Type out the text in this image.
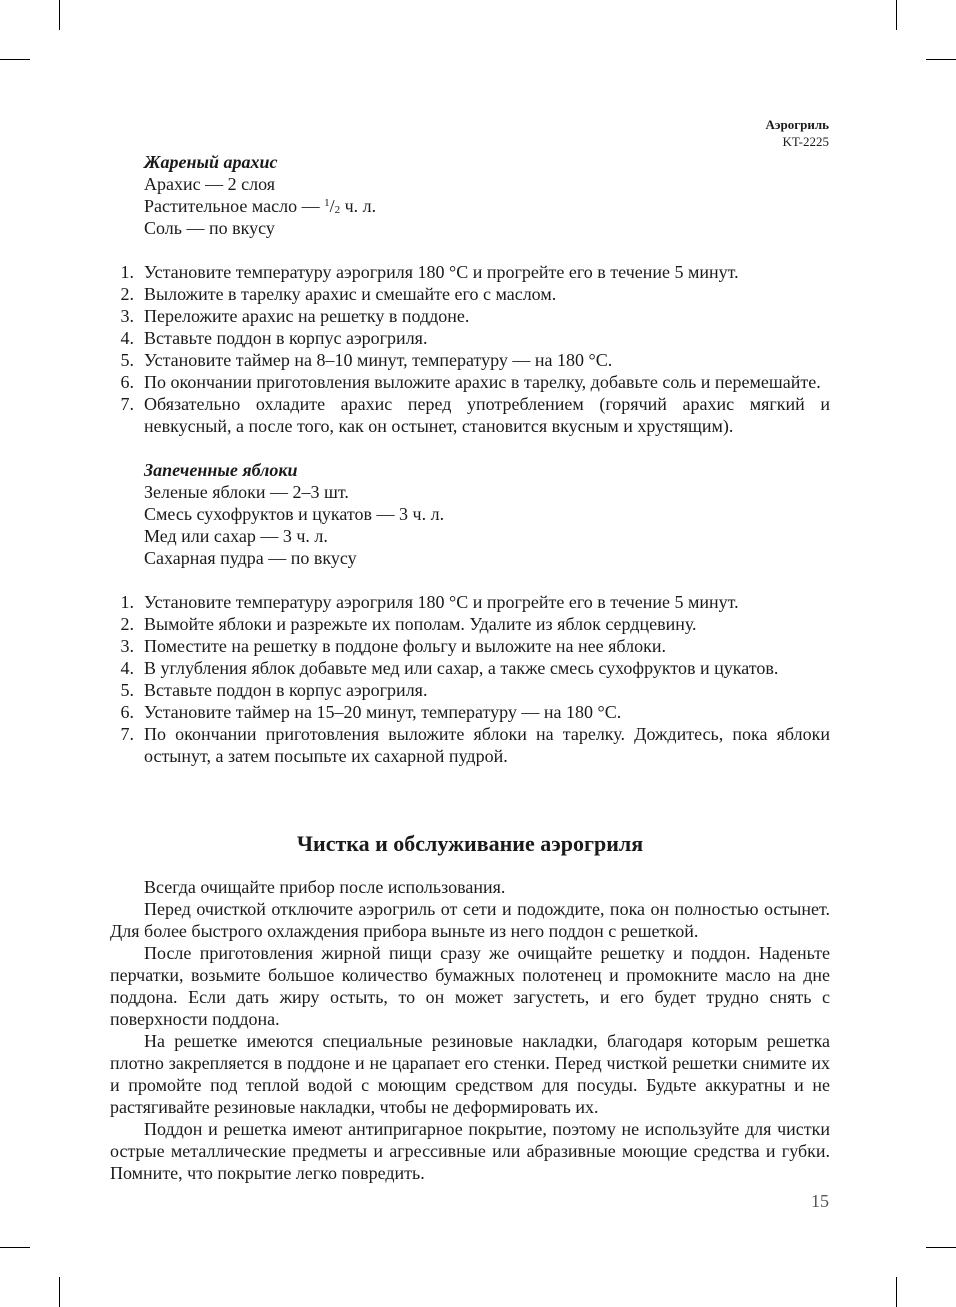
Аэрогриль
KT-2225
Жареный арахис
Арахис — 2 слоя
Растительное масло — $^1/_2$ ч. л.
Соль — по вкусу
1. Установите температуру аэрогриля 180 °С и прогрейте его в течение 5 минут.
2. Выложите в тарелку арахис и смешайте его с маслом.
3. Переложите арахис на решетку в поддоне.
4. Вставьте поддон в корпус аэрогриля.
5. Установите таймер на 8–10 минут, температуру — на 180 °С.
6. По окончании приготовления выложите арахис в тарелку, добавьте соль и перемешайте.
7. Обязательно охладите арахис перед употреблением (горячий арахис мягкий и невкусный, а после того, как он остынет, становится вкусным и хрустящим).
Запеченные яблоки
Зеленые яблоки — 2–3 шт.
Смесь сухофруктов и цукатов — 3 ч. л.
Мед или сахар — 3 ч. л.
Сахарная пудра — по вкусу
1. Установите температуру аэрогриля 180 °С и прогрейте его в течение 5 минут.
2. Вымойте яблоки и разрежьте их пополам. Удалите из яблок сердцевину.
3. Поместите на решетку в поддоне фольгу и выложите на нее яблоки.
4. В углубления яблок добавьте мед или сахар, а также смесь сухофруктов и цукатов.
5. Вставьте поддон в корпус аэрогриля.
6. Установите таймер на 15–20 минут, температуру — на 180 °С.
7. По окончании приготовления выложите яблоки на тарелку. Дождитесь, пока яблоки остынут, а затем посыпьте их сахарной пудрой.
Чистка и обслуживание аэрогриля
Всегда очищайте прибор после использования.
Перед очисткой отключите аэрогриль от сети и подождите, пока он полностью остынет. Для более быстрого охлаждения прибора выньте из него поддон с решеткой.
После приготовления жирной пищи сразу же очищайте решетку и поддон. Наденьте перчатки, возьмите большое количество бумажных полотенец и промокните масло на дне поддона. Если дать жиру остыть, то он может загустеть, и его будет трудно снять с поверхности поддона.
На решетке имеются специальные резиновые накладки, благодаря которым решетка плотно закрепляется в поддоне и не царапает его стенки. Перед чисткой решетки снимите их и промойте под теплой водой с моющим средством для посуды. Будьте аккуратны и не растягивайте резиновые накладки, чтобы не деформировать их.
Поддон и решетка имеют антипригарное покрытие, поэтому не используйте для чистки острые металлические предметы и агрессивные или абразивные моющие средства и губки. Помните, что покрытие легко повредить.
15
